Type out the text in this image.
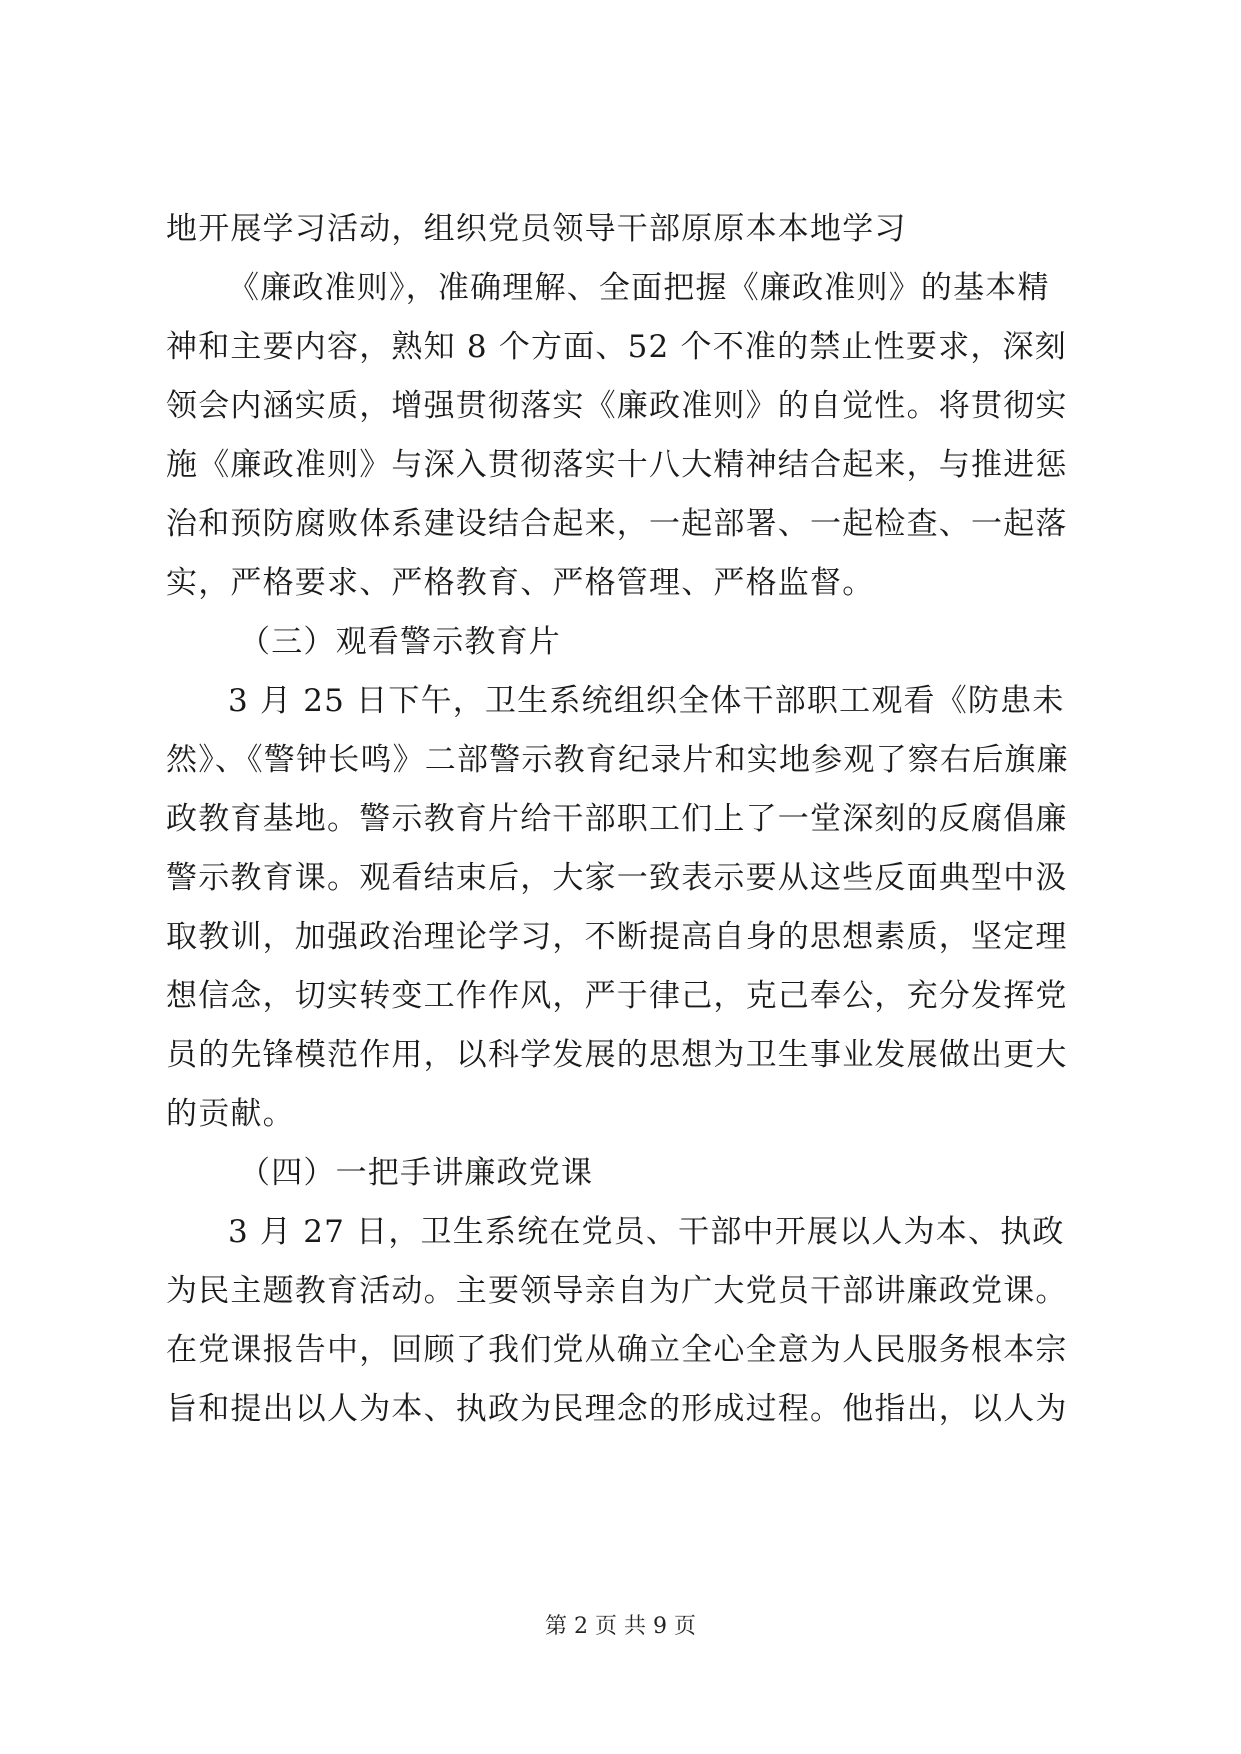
地开展学习活动，组织党员领导干部原原本本地学习
《廉政准则》，准确理解、全面把握《廉政准则》的基本精
神和主要内容，熟知 8 个方面、52 个不准的禁止性要求，深刻
领会内涵实质，增强贯彻落实《廉政准则》的自觉性。将贯彻实
施《廉政准则》与深入贯彻落实十八大精神结合起来，与推进惩
治和预防腐败体系建设结合起来，一起部署、一起检查、一起落
实，严格要求、严格教育、严格管理、严格监督。
（三）观看警示教育片
3 月 25 日下午，卫生系统组织全体干部职工观看《防患未
然》、《警钟长鸣》二部警示教育纪录片和实地参观了察右后旗廉
政教育基地。警示教育片给干部职工们上了一堂深刻的反腐倡廉
警示教育课。观看结束后，大家一致表示要从这些反面典型中汲
取教训，加强政治理论学习，不断提高自身的思想素质，坚定理
想信念，切实转变工作作风，严于律己，克己奉公，充分发挥党
员的先锋模范作用，以科学发展的思想为卫生事业发展做出更大
的贡献。
（四）一把手讲廉政党课
3 月 27 日，卫生系统在党员、干部中开展以人为本、执政
为民主题教育活动。主要领导亲自为广大党员干部讲廉政党课。
在党课报告中，回顾了我们党从确立全心全意为人民服务根本宗
旨和提出以人为本、执政为民理念的形成过程。他指出，以人为
第 2 页 共 9 页
